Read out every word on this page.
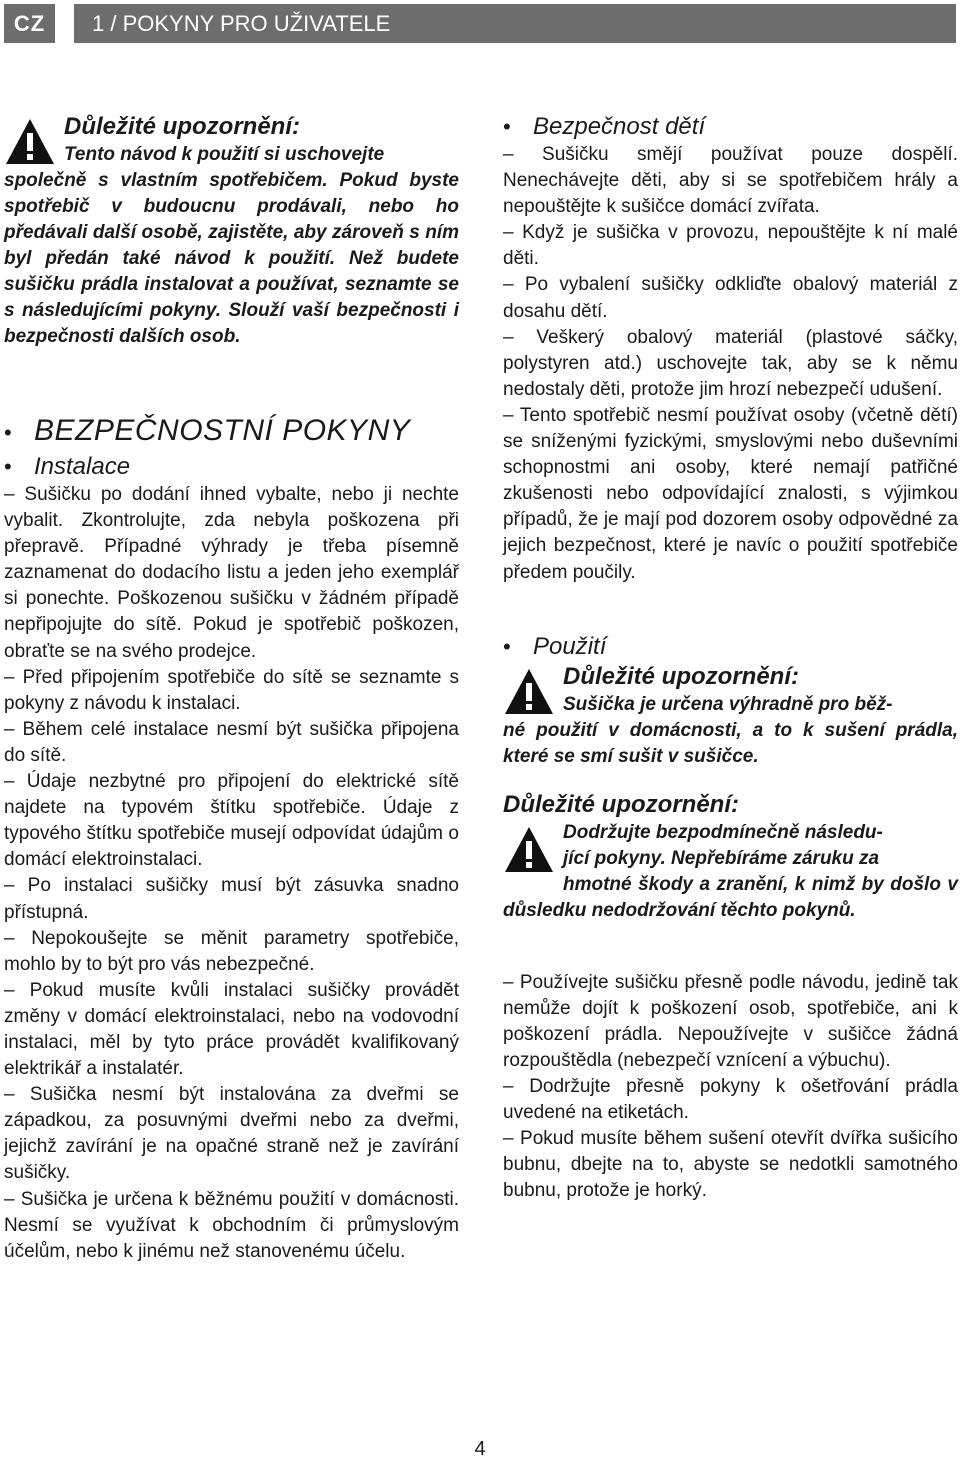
CZ	1 / POKYNY PRO UŽIVATELE
Důležité upozornění:
Tento návod k použití si uschovejte
společně s vlastním spotřebičem. Pokud byste spotřebič v budoucnu prodávali, nebo ho předávali další osobě, zajistěte, aby zároveň s ním byl předán také návod k použití. Než budete sušičku prádla instalovat a používat, seznamte se s následujícími pokyny. Slouží vaší bezpečnosti i bezpečnosti dalších osob.
• BEZPEČNOSTNÍ POKYNY
• Instalace

– Sušičku po dodání ihned vybalte, nebo ji nechte vybalit. Zkontrolujte, zda nebyla poškozena při přepravě. Případné výhrady je třeba písemně zaznamenat do dodacího listu a jeden jeho exemplář si ponechte. Poškozenou sušičku v žádném případě nepřipojujte do sítě. Pokud je spotřebič poškozen, obraťte se na svého prodejce.

– Před připojením spotřebiče do sítě se seznamte s pokyny z návodu k instalaci.

– Během celé instalace nesmí být sušička připojena do sítě.

– Údaje nezbytné pro připojení do elektrické sítě najdete na typovém štítku spotřebiče. Údaje z typového štítku spotřebiče musejí odpovídat údajům o domácí elektroinstalaci.

– Po instalaci sušičky musí být zásuvka snadno přístupná.

– Nepokoušejte se měnit parametry spotřebiče, mohlo by to být pro vás nebezpečné.

– Pokud musíte kvůli instalaci sušičky provádět změny v domácí elektroinstalaci, nebo na vodovodní instalaci, měl by tyto práce provádět kvalifikovaný elektrikář a instalatér.

– Sušička nesmí být instalována za dveřmi se západkou, za posuvnými dveřmi nebo za dveřmi, jejichž zavírání je na opačné straně než je zavírání sušičky.

– Sušička je určena k běžnému použití v domácnosti. Nesmí se využívat k obchodním či průmyslovým účelům, nebo k jinému než stanovenému účelu.

• Bezpečnost dětí

– Sušičku smějí používat pouze dospělí. Nenechávejte děti, aby si se spotřebičem hrály a nepouštějte k sušičce domácí zvířata.

– Když je sušička v provozu, nepouštějte k ní malé děti.

– Po vybalení sušičky odkliďte obalový materiál z dosahu dětí.

– Veškerý obalový materiál (plastové sáčky, polystyren atd.) uschovejte tak, aby se k němu nedostaly děti, protože jim hrozí nebezpečí udušení.

– Tento spotřebič nesmí používat osoby (včetně dětí) se sníženými fyzickými, smyslovými nebo duševními schopnostmi ani osoby, které nemají patřičné zkušenosti nebo odpovídající znalosti, s výjimkou případů, že je mají pod dozorem osoby odpovědné za jejich bezpečnost, které je navíc o použití spotřebiče předem poučily.

• Použití
Důležité upozornění:
Sušička je určena výhradně pro běž-
né použití v domácnosti, a to k sušení prádla, které se smí sušit v sušičce.
Důležité upozornění:
Dodržujte bezpodmínečně následu-
jící pokyny. Nepřebíráme záruku za
hmotné škody a zranění, k nimž by došlo v důsledku nedodržování těchto pokynů.

– Používejte sušičku přesně podle návodu, jedině tak nemůže dojít k poškození osob, spotřebiče, ani k poškození prádla. Nepoužívejte v sušičce žádná rozpouštědla (nebezpečí vznícení a výbuchu).

– Dodržujte přesně pokyny k ošetřování prádla uvedené na etiketách.

– Pokud musíte během sušení otevřít dvířka sušicího bubnu, dbejte na to, abyste se nedotkli samotného bubnu, protože je horký.

4
